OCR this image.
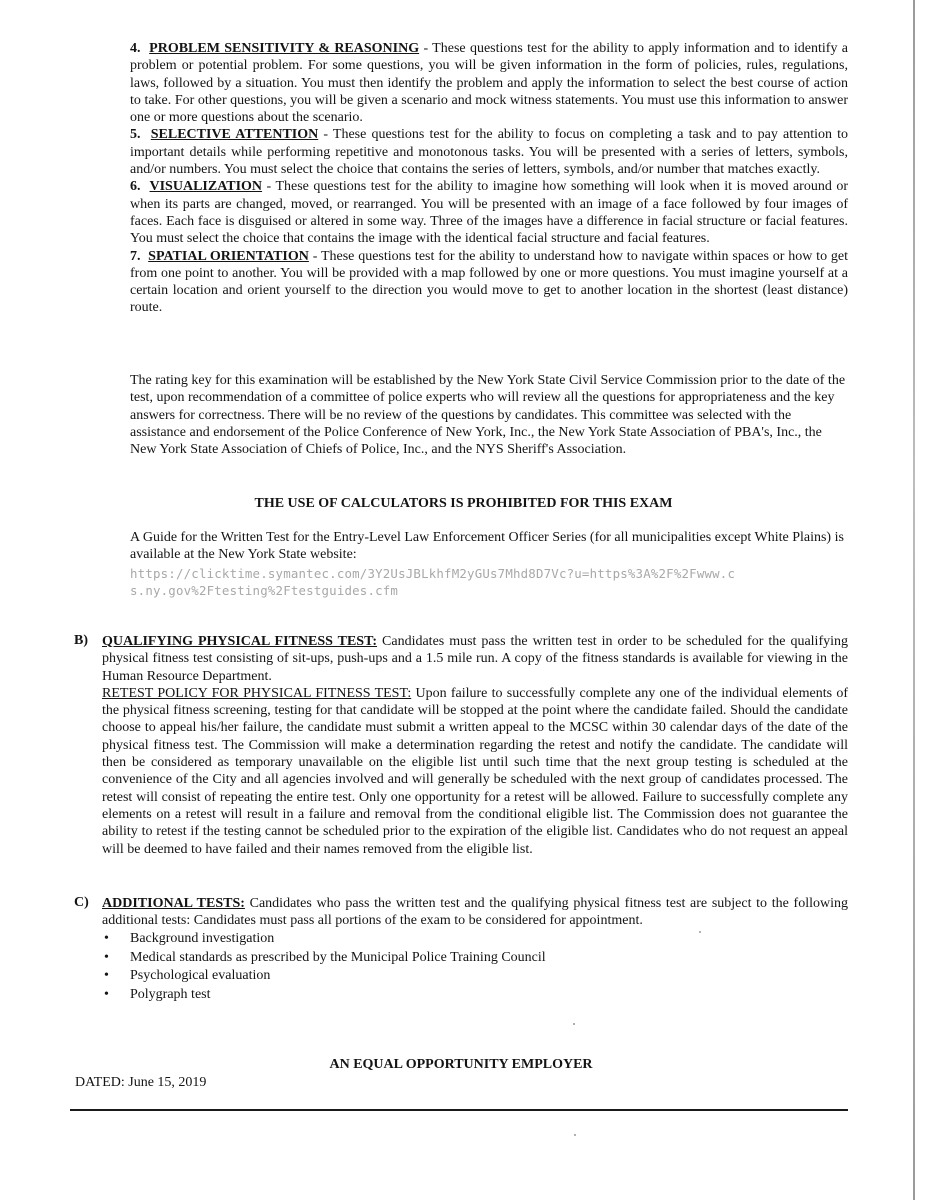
4. PROBLEM SENSITIVITY & REASONING - These questions test for the ability to apply information and to identify a problem or potential problem. For some questions, you will be given information in the form of policies, rules, regulations, laws, followed by a situation. You must then identify the problem and apply the information to select the best course of action to take. For other questions, you will be given a scenario and mock witness statements. You must use this information to answer one or more questions about the scenario.
5. SELECTIVE ATTENTION - These questions test for the ability to focus on completing a task and to pay attention to important details while performing repetitive and monotonous tasks. You will be presented with a series of letters, symbols, and/or numbers. You must select the choice that contains the series of letters, symbols, and/or number that matches exactly.
6. VISUALIZATION - These questions test for the ability to imagine how something will look when it is moved around or when its parts are changed, moved, or rearranged. You will be presented with an image of a face followed by four images of faces. Each face is disguised or altered in some way. Three of the images have a difference in facial structure or facial features. You must select the choice that contains the image with the identical facial structure and facial features.
7. SPATIAL ORIENTATION - These questions test for the ability to understand how to navigate within spaces or how to get from one point to another. You will be provided with a map followed by one or more questions. You must imagine yourself at a certain location and orient yourself to the direction you would move to get to another location in the shortest (least distance) route.
The rating key for this examination will be established by the New York State Civil Service Commission prior to the date of the test, upon recommendation of a committee of police experts who will review all the questions for appropriateness and the key answers for correctness. There will be no review of the questions by candidates. This committee was selected with the assistance and endorsement of the Police Conference of New York, Inc., the New York State Association of PBA's, Inc., the New York State Association of Chiefs of Police, Inc., and the NYS Sheriff's Association.
THE USE OF CALCULATORS IS PROHIBITED FOR THIS EXAM
A Guide for the Written Test for the Entry-Level Law Enforcement Officer Series (for all municipalities except White Plains) is available at the New York State website:
https://clicktime.symantec.com/3Y2UsJBLkhfM2yGUs7Mhd8D7Vc?u=https%3A%2F%2Fwww.c
s.ny.gov%2Ftesting%2Ftestguides.cfm
B) QUALIFYING PHYSICAL FITNESS TEST: Candidates must pass the written test in order to be scheduled for the qualifying physical fitness test consisting of sit-ups, push-ups and a 1.5 mile run. A copy of the fitness standards is available for viewing in the Human Resource Department.
RETEST POLICY FOR PHYSICAL FITNESS TEST: Upon failure to successfully complete any one of the individual elements of the physical fitness screening, testing for that candidate will be stopped at the point where the candidate failed. Should the candidate choose to appeal his/her failure, the candidate must submit a written appeal to the MCSC within 30 calendar days of the date of the physical fitness test. The Commission will make a determination regarding the retest and notify the candidate. The candidate will then be considered as temporary unavailable on the eligible list until such time that the next group testing is scheduled at the convenience of the City and all agencies involved and will generally be scheduled with the next group of candidates processed. The retest will consist of repeating the entire test. Only one opportunity for a retest will be allowed. Failure to successfully complete any elements on a retest will result in a failure and removal from the conditional eligible list. The Commission does not guarantee the ability to retest if the testing cannot be scheduled prior to the expiration of the eligible list. Candidates who do not request an appeal will be deemed to have failed and their names removed from the eligible list.
C) ADDITIONAL TESTS: Candidates who pass the written test and the qualifying physical fitness test are subject to the following additional tests: Candidates must pass all portions of the exam to be considered for appointment.
• Background investigation
• Medical standards as prescribed by the Municipal Police Training Council
• Psychological evaluation
• Polygraph test
AN EQUAL OPPORTUNITY EMPLOYER
DATED: June 15, 2019
